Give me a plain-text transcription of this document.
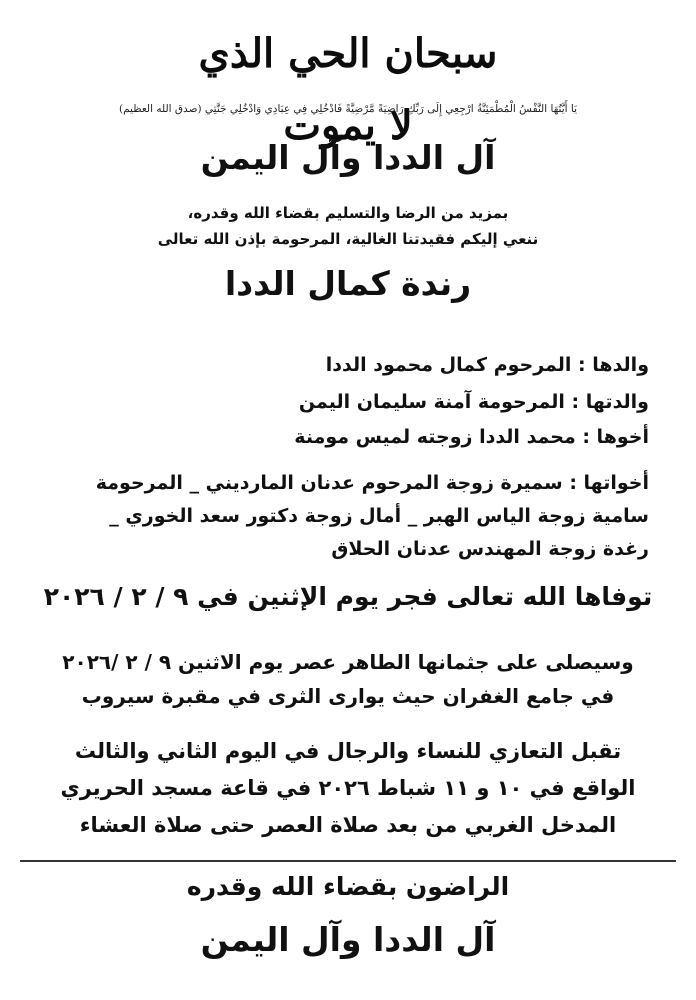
سبحان الحي الذي لا يموت
يَا أَيَّتُهَا النَّفْسُ الْمُطْمَئِنَّةُ ارْجِعِي إِلَى رَبِّكِ رَاضِيَةً مَّرْضِيَّةً فَادْخُلِي فِي عِبَادِي وَادْخُلِي جَنَّتِي (صدق الله العظيم)
آل الددا وآل اليمن
بمزيد من الرضا والتسليم بقضاء الله وقدره،
ننعي إليكم فقيدتنا الغالية، المرحومة بإذن الله تعالى
رندة كمال الددا
والدها : المرحوم كمال محمود الددا
والدتها : المرحومة آمنة سليمان اليمن
أخوها : محمد الددا زوجته لميس مومنة
أخواتها : سميرة زوجة المرحوم عدنان المارديني _ المرحومة
سامية زوجة الياس الهبر _ أمال زوجة دكتور سعد الخوري _
رغدة زوجة المهندس عدنان الحلاق
توفاها الله تعالى فجر يوم الإثنين في ٩ / ٢ / ٢٠٢٦
وسيصلى على جثمانها الطاهر عصر يوم الاثنين ٩ / ٢ /٢٠٢٦
في جامع الغفران حيث يوارى الثرى في مقبرة سيروب
تقبل التعازي للنساء والرجال في اليوم الثاني والثالث
الواقع في ١٠ و ١١ شباط ٢٠٢٦ في قاعة مسجد الحريري
المدخل الغربي من بعد صلاة العصر حتى صلاة العشاء
الراضون بقضاء الله وقدره
آل الددا وآل اليمن
